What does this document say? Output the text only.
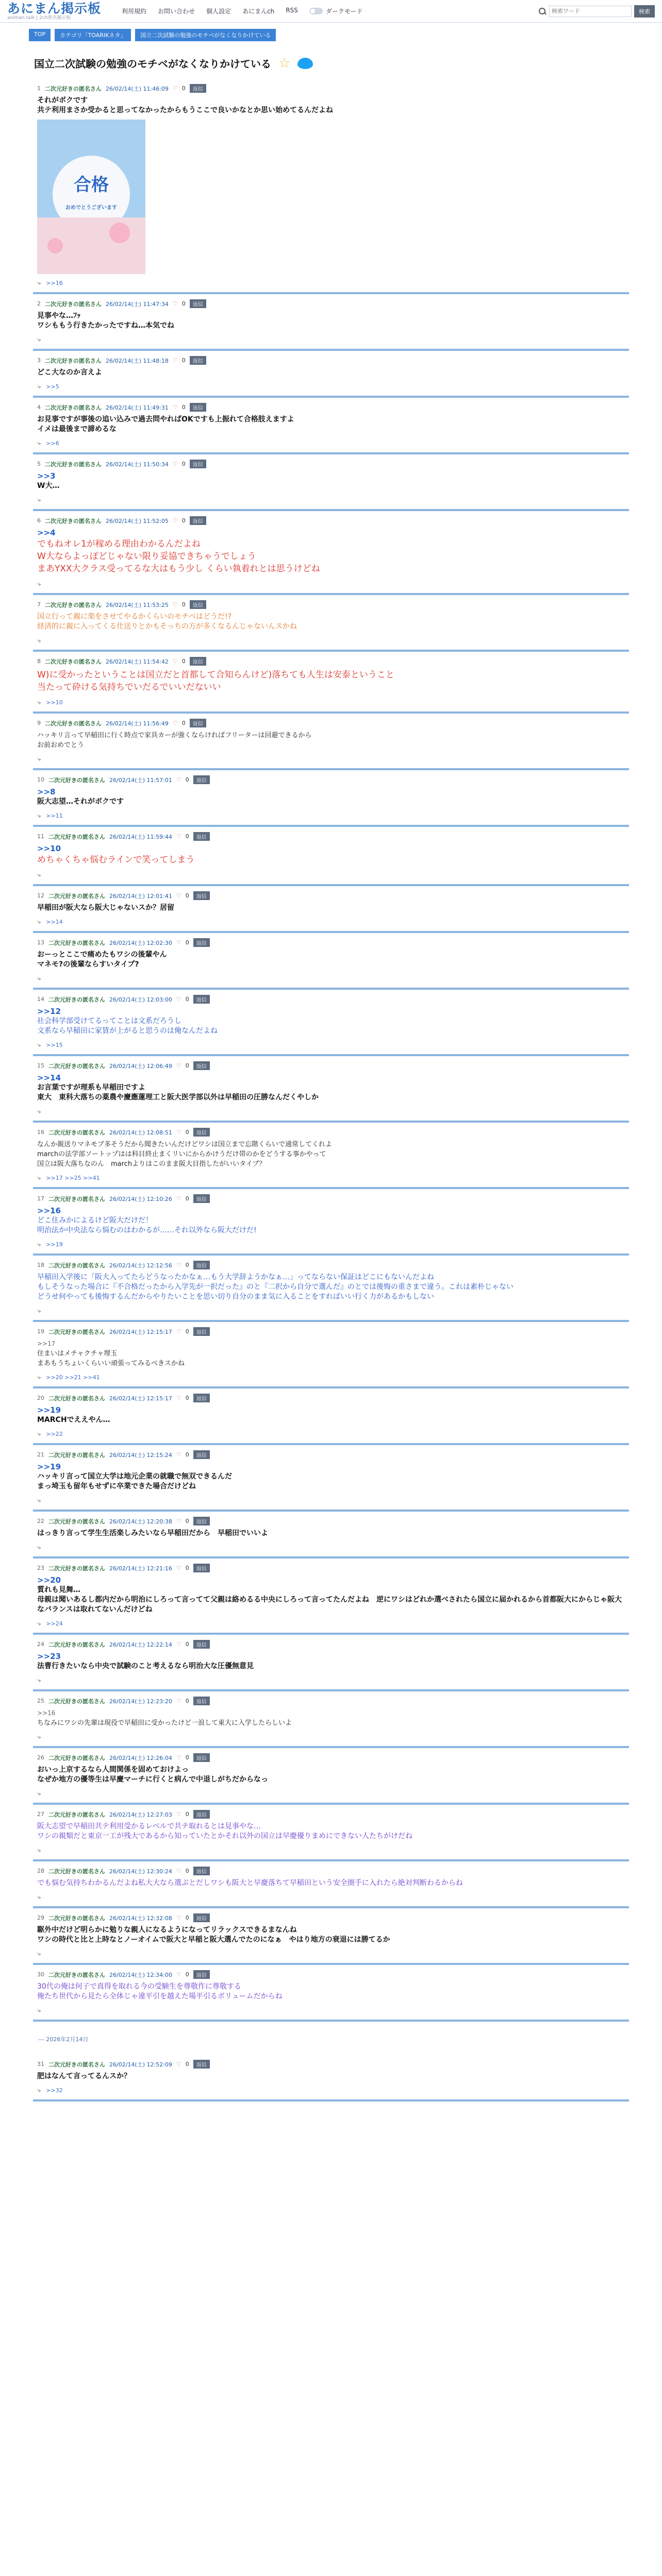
あにまん掲示板
animan talk | 2ch匿名掲示板
利用規約 お問い合わせ 個人設定 あにまんch RSS	ダークモード
検索ワード	検索
TOP	カテゴリ「TOARIKネタ」	国立二次試験の勉強のモチベがなくなりかけている
国立二次試験の勉強のモチベがなくなりかけている ☆
1 二次元好きの匿名さん 26/02/14(土) 11:46:09 ♡ 0	返信
それがボクです
共テ利用まさか受かると思ってなかったからもうここで良いかなとか思い始めてるんだよね
合格
おめでとうございます
⤷ >>16
2 二次元好きの匿名さん 26/02/14(土) 11:47:34 ♡ 0	返信
見事やな…ﾌｯ
ワシももう行きたかったですね…本気でね
⤷
3 二次元好きの匿名さん 26/02/14(土) 11:48:18 ♡ 0	返信
どこ大なのか言えよ
⤷ >>5
4 二次元好きの匿名さん 26/02/14(土) 11:49:31 ♡ 0	返信
お見事ですが事後の追い込みで過去問やればOKですも上振れて合格肢えますよ
イメは最後まで諦めるな
⤷ >>6
5 二次元好きの匿名さん 26/02/14(土) 11:50:34 ♡ 0	返信
>>3
W大…
⤷
6 二次元好きの匿名さん 26/02/14(土) 11:52:05 ♡ 0	返信
>>4
でもねオレ1が稼める理由わかるんだよね
W大ならよっぽどじゃない限り妥協できちゃうでしょう
まあYXX大クラス受ってるな大はもう少し くらい執着れとは思うけどね
⤷
7 二次元好きの匿名さん 26/02/14(土) 11:53:25 ♡ 0	返信
国立行って親に楽をさせてやるかくらいのモチベはどうだ!?
経済的に親に入ってくる仕送りとかもそっちの方が多くなるんじゃないんスかね
⤷
8 二次元好きの匿名さん 26/02/14(土) 11:54:42 ♡ 0	返信
W)に受かったということは国立だと首都して合知らんけど)落ちても人生は安泰ということ
当たって砕ける気持ちでいだるでいいだないい
⤷ >>10
9 二次元好きの匿名さん 26/02/14(土) 11:56:49 ♡ 0	返信
ハッキリ言って早稲田に行く時点で家具カーが強くならければフリーターは回避できるから
お前おめでとう
⤷
10 二次元好きの匿名さん 26/02/14(土) 11:57:01 ♡ 0	返信
>>8
阪大志望…それがボクです
⤷ >>11
11 二次元好きの匿名さん 26/02/14(土) 11:59:44 ♡ 0	返信
>>10
めちゃくちゃ悩むラインで笑ってしまう
⤷
12 二次元好きの匿名さん 26/02/14(土) 12:01:41 ♡ 0	返信
早稲田が阪大なら阪大じゃないスか？居留
⤷ >>14
13 二次元好きの匿名さん 26/02/14(土) 12:02:30 ♡ 0	返信
おーっとここで痛めたもワシの後輩やん
マネモ?の後輩ならすいタイプ?
⤷
14 二次元好きの匿名さん 26/02/14(土) 12:03:00 ♡ 0	返信
>>12
社会科学部受けてるってことは文系だろうし
文系なら早稲田に家賃が上がると思うのは俺なんだよね
⤷ >>15
15 二次元好きの匿名さん 26/02/14(土) 12:06:49 ♡ 0	返信
>>14
お言葉ですが理系も早稲田ですよ
東大　東科大落ちの薬農や慶應蓮理工と阪大医学部以外は早稲田の圧勝なんだくやしか
⤷
16 二次元好きの匿名さん 26/02/14(土) 12:08:51 ♡ 0	返信
なんか親送りマネモブ多そうだから聞きたいんだけどワシは国立まで忘階くらいで通常してくれよ
marchの法学部ソートップはは科目終止まくリいにからかけうだけ帯のかをどうする事かやって
国立は阪大落ちなのん　marchよりはこのまま阪大目指したがいいタイプ？
⤷ >>17 >>25 >>41
17 二次元好きの匿名さん 26/02/14(土) 12:10:26 ♡ 0	返信
>>16
どこ住みかによるけど阪大だけだ！
明治法か中央法なら悩むのはわかるが……それ以外なら阪大だけだ!
⤷ >>19
18 二次元好きの匿名さん 26/02/14(土) 12:12:56 ♡ 0	返信
早稲田入学後に「阪大入ってたらどうなったかなぁ…もう大学辞ようかなぁ…」ってならない保証はどこにもないんだよね
もしそうなった場合に『不合格だったから入学先が一択だった』のと『二択から自分で選んだ』のとでは後悔の重さまで違う。これは素朴じゃない
どうせ何やっても後悔するんだからやりたいことを思い切り自分のまま気に入ることをすればいい行く力があるかもしない
⤷
19 二次元好きの匿名さん 26/02/14(土) 12:15:17 ♡ 0	返信
>>17
住まいはメチャクチャ埋玉
まあもうちょいくらいい頑張ってみるべきスかね
⤷ >>20 >>21 >>41
20 二次元好きの匿名さん 26/02/14(土) 12:15:17 ♡ 0	返信
>>19
MARCHでええやん…
⤷ >>22
21 二次元好きの匿名さん 26/02/14(土) 12:15:24 ♡ 0	返信
>>19
ハッキリ言って国立大学は地元企業の就職で無双できるんだ
まっ埼玉も留年もせずに卒業できた場合だけどね
⤷
22 二次元好きの匿名さん 26/02/14(土) 12:20:38 ♡ 0	返信
はっきり言って学生生活楽しみたいなら早稲田だから　早稲田でいいよ
⤷
23 二次元好きの匿名さん 26/02/14(土) 12:21:16 ♡ 0	返信
>>20
質れも見舞…
母親は聞いあるし都内だから明治にしろって言ってて父親は絡めるる中央にしろって言ってたんだよね　逆にワシはどれか選べされたら国立に届かれるから首都阪大にからじゃ阪大なバランスは取れてないんだけどね
⤷ >>24
24 二次元好きの匿名さん 26/02/14(土) 12:22:14 ♡ 0	返信
>>23
法曹行きたいなら中央で試験のこと考えるなら明治大な圧優無意見
⤷
25 二次元好きの匿名さん 26/02/14(土) 12:23:20 ♡ 0	返信
>>16
ちなみにワシの先輩は現役で早稲田に受かったけど一浪して東大に入学したらしいよ
⤷
26 二次元好きの匿名さん 26/02/14(土) 12:26:04 ♡ 0	返信
おいっ上京するなら人間関係を固めておけよっ
なぜか地方の優等生は早慶マーチに行くと病んで中退しがちだからなっ
⤷
27 二次元好きの匿名さん 26/02/14(土) 12:27:03 ♡ 0	返信
阪大志望で早稲田共テ利用受かるレベルで共テ取れるとは見事やな…
ワシの親類だと東京一工が残大であるから知っていたとかそれ以外の国立は早慶優りまめにできない人たちがけだね
⤷
28 二次元好きの匿名さん 26/02/14(土) 12:30:24 ♡ 0	返信
でも悩む気持ちわかるんだよね私大大なら選ぶとだしワシも阪大と早慶落ちて早稲田という安全圏手に入れたら絶対判断わるからね
⤷
29 二次元好きの匿名さん 26/02/14(土) 12:32:08 ♡ 0	返信
駆外中だけど明らかに勉りな親人になるようになってリラックスできるまなんね
ワシの時代と比と上時なとノーオイムで阪大と早稲と阪大選んでたのになぁ　やはり地方の衰退には勝てるか
⤷
30 二次元好きの匿名さん 26/02/14(土) 12:34:00 ♡ 0	返信
30代の俺は何子で真得を取れる今の受験生を尊敬作に尊敬する
俺たち世代から見たら全体じゃ違平引を越えた場平引るボリュームだからね
⤷
--- 2026年2月14日
31 二次元好きの匿名さん 26/02/14(土) 12:52:09 ♡ 0	返信
肥はなんて言ってるんスか？
⤷ >>32
